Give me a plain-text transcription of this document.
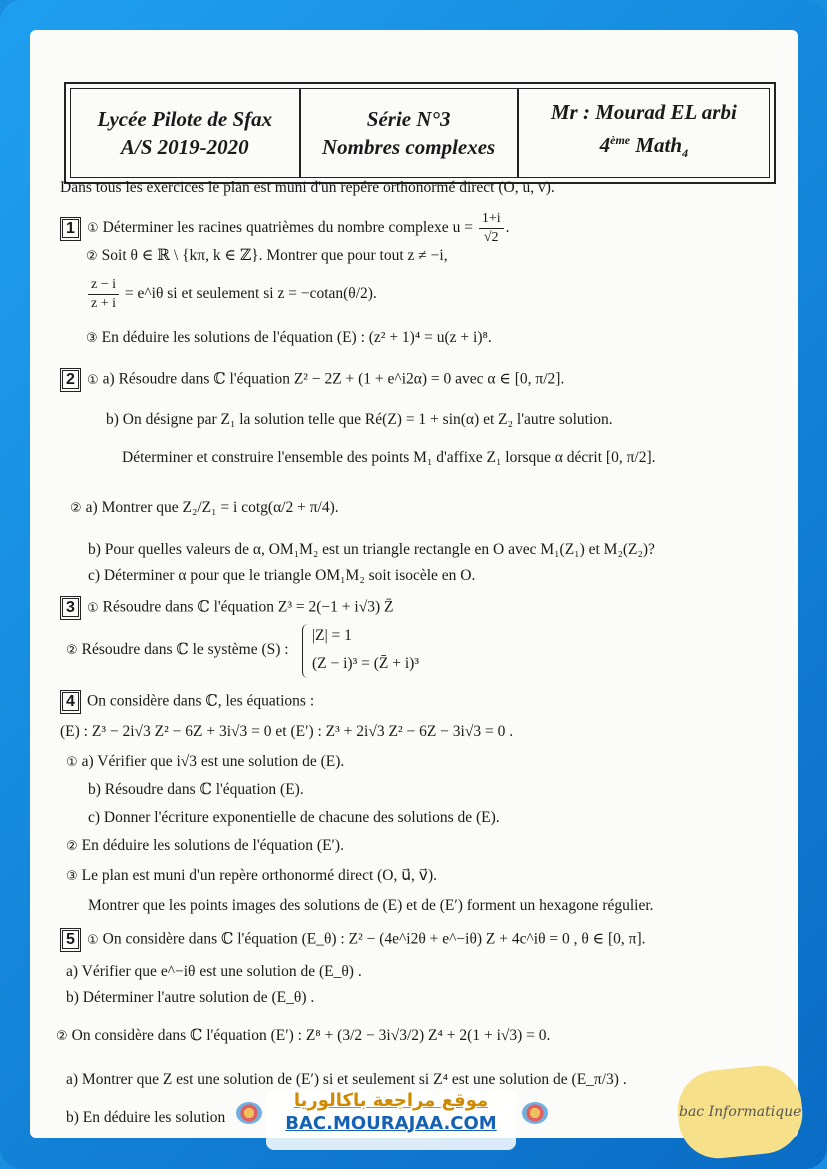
Lycée Pilote de Sfax
A/S 2019-2020
Série N°3
Nombres complexes
Mr : Mourad EL arbi
4ème Math$_4$
Dans tous les exercices le plan est muni d'un repére orthonormé direct (O, ū, v̄).
1 ① Déterminer les racines quatrièmes du nombre complexe $u = \frac{1+i}{√2}$ .
② Soit θ ∈ ℝ \ {kπ, k ∈ ℤ}. Montrer que pour tout z ≠ −i,
$\frac{z - i}{z + i}$ = e^iθ si et seulement si z = −cotan(θ/2).
③ En déduire les solutions de l'équation (E) : (z² + 1)⁴ = u(z + i)⁸.
2 ① a) Résoudre dans ℂ l'équation Z² − 2Z + (1 + e^i2α) = 0 avec α ∈ [0, π/2].
b) On désigne par Z₁ la solution telle que Ré(Z) = 1 + sin(α) et Z₂ l'autre solution.
Déterminer et construire l'ensemble des points M₁ d'affixe Z₁ lorsque α décrit [0, π/2].
② a) Montrer que Z₂/Z₁ = i cotg(α/2 + π/4).
b) Pour quelles valeurs de α, OM₁M₂ est un triangle rectangle en O avec M₁(Z₁) et M₂(Z₂)?
c) Déterminer α pour que le triangle OM₁M₂ soit isocèle en O.
3 ① Résoudre dans ℂ l'équation Z³ = 2(−1 + i√3) Z̄
② Résoudre dans ℂ le système (S) :
|Z| = 1
(Z − i)³ = (Z̄ + i)³
4 On considère dans ℂ, les équations :
(E) : Z³ − 2i√3 Z² − 6Z + 3i√3 = 0 et (E′) : Z³ + 2i√3 Z² − 6Z − 3i√3 = 0 .
① a) Vérifier que i√3 est une solution de (E).
b) Résoudre dans ℂ l'équation (E).
c) Donner l'écriture exponentielle de chacune des solutions de (E).
② En déduire les solutions de l'équation (E′).
③ Le plan est muni d'un repère orthonormé direct (O, u⃗, v⃗).
Montrer que les points images des solutions de (E) et de (E′) forment un hexagone régulier.
5 ① On considère dans ℂ l'équation (E_θ) : Z² − (4e^i2θ + e^−iθ) Z + 4c^iθ = 0 , θ ∈ [0, π].
a) Vérifier que e^−iθ est une solution de (E_θ) .
b) Déterminer l'autre solution de (E_θ) .
② On considère dans ℂ l'équation (E′) : Z⁸ + (3/2 − 3i√3/2) Z⁴ + 2(1 + i√3) = 0.
a) Montrer que Z est une solution de (E′) si et seulement si Z⁴ est une solution de (E_π/3) .
b) En déduire les solution
موقع مراجعة باكالوريا
BAC.MOURAJAA.COM
bac Informatique
